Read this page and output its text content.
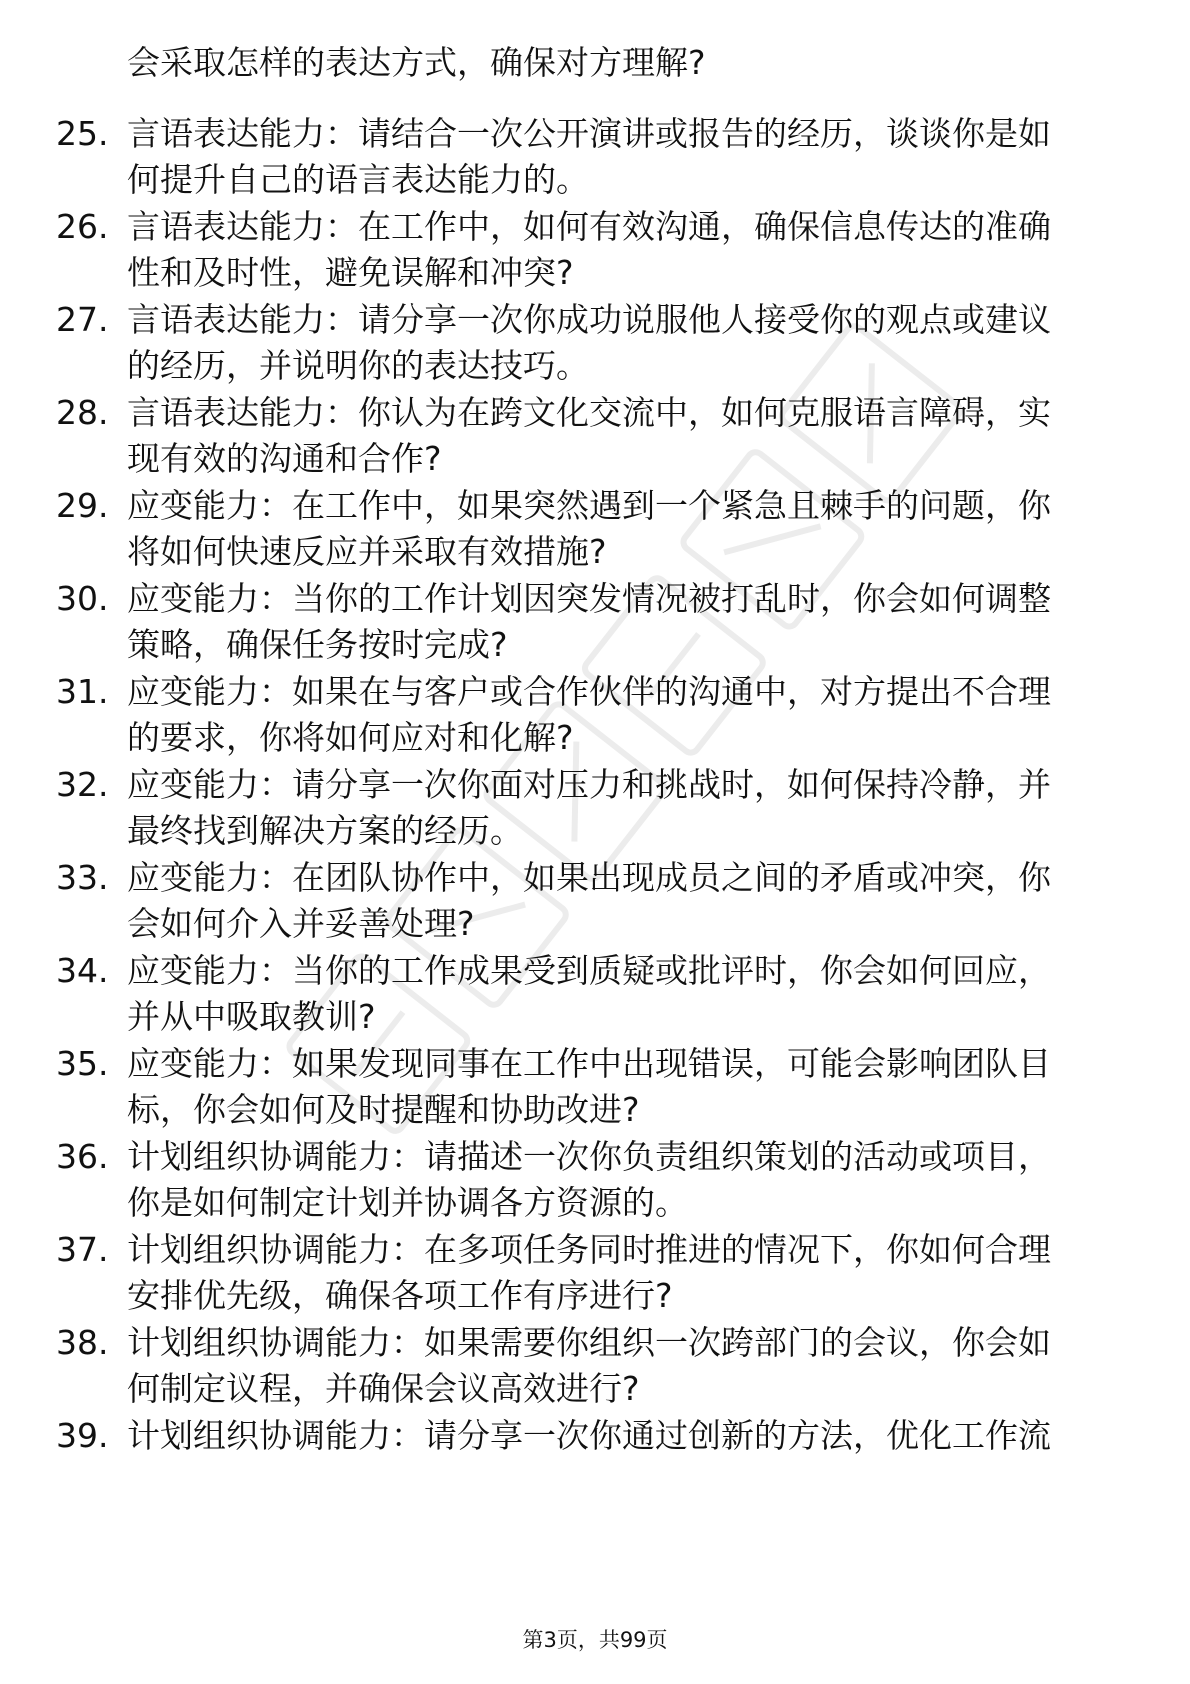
会采取怎样的表达方式，确保对方理解?

25. 言语表达能力：请结合一次公开演讲或报告的经历，谈谈你是如
何提升自己的语言表达能力的。
26. 言语表达能力：在工作中，如何有效沟通，确保信息传达的准确
性和及时性，避免误解和冲突?
27. 言语表达能力：请分享一次你成功说服他人接受你的观点或建议
的经历，并说明你的表达技巧。
28. 言语表达能力：你认为在跨文化交流中，如何克服语言障碍，实
现有效的沟通和合作?
29. 应变能力：在工作中，如果突然遇到一个紧急且棘手的问题，你
将如何快速反应并采取有效措施?
30. 应变能力：当你的工作计划因突发情况被打乱时，你会如何调整
策略，确保任务按时完成?
31. 应变能力：如果在与客户或合作伙伴的沟通中，对方提出不合理
的要求，你将如何应对和化解?
32. 应变能力：请分享一次你面对压力和挑战时，如何保持冷静，并
最终找到解决方案的经历。
33. 应变能力：在团队协作中，如果出现成员之间的矛盾或冲突，你
会如何介入并妥善处理?
34. 应变能力：当你的工作成果受到质疑或批评时，你会如何回应，
并从中吸取教训?
35. 应变能力：如果发现同事在工作中出现错误，可能会影响团队目
标，你会如何及时提醒和协助改进?
36. 计划组织协调能力：请描述一次你负责组织策划的活动或项目，
你是如何制定计划并协调各方资源的。
37. 计划组织协调能力：在多项任务同时推进的情况下，你如何合理
安排优先级，确保各项工作有序进行?
38. 计划组织协调能力：如果需要你组织一次跨部门的会议，你会如
何制定议程，并确保会议高效进行?
39. 计划组织协调能力：请分享一次你通过创新的方法，优化工作流
第3页，共99页
